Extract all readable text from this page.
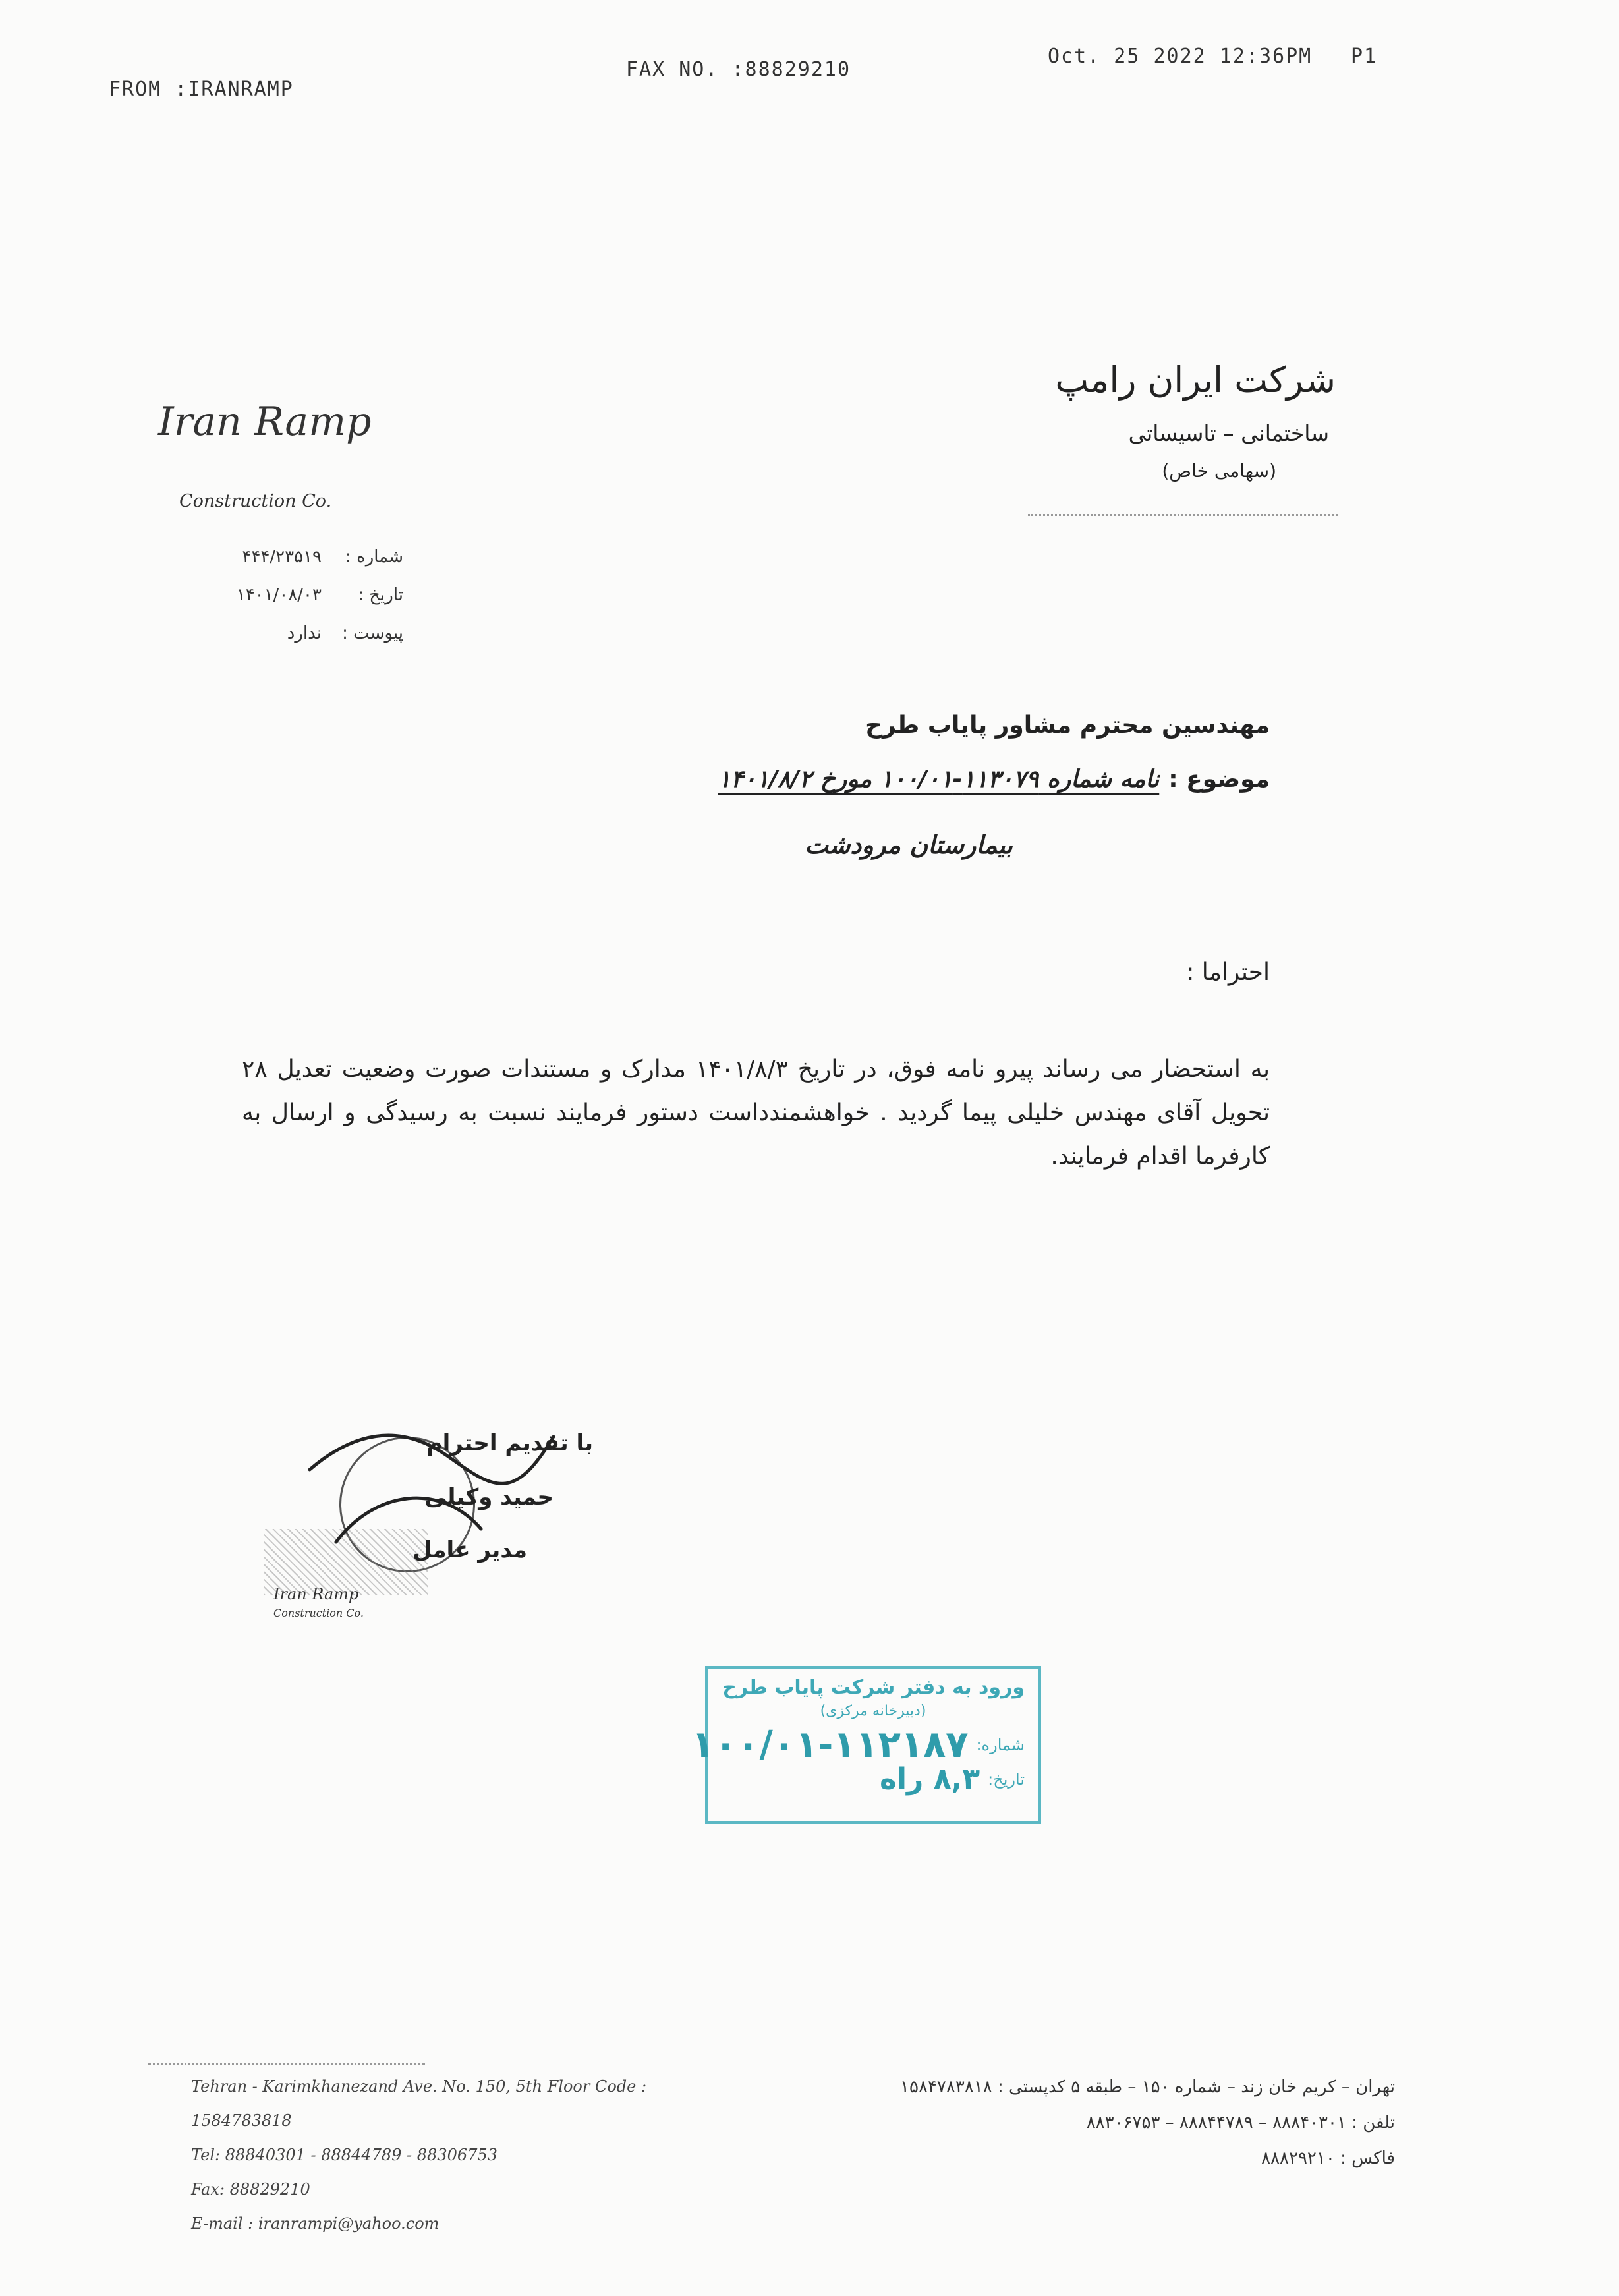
FROM :IRANRAMP
FAX NO. :88829210
Oct. 25 2022 12:36PM P1
Iran Ramp
Construction Co.
شرکت ایران رامپ
ساختمانی – تاسیساتی
(سهامی خاص)
شماره :
۴۴۴/۲۳۵۱۹
تاریخ :
۱۴۰۱/۰۸/۰۳
پیوست :
ندارد
مهندسین محترم مشاور پایاب طرح
موضوع :
نامه شماره ۱۱۳۰۷۹-۱۰۰/۰۱ مورخ ۱۴۰۱/۸/۲
بیمارستان مرودشت
احتراما :
به استحضار می رساند پیرو نامه فوق، در تاریخ ۱۴۰۱/۸/۳ مدارک و مستندات صورت وضعیت تعدیل ۲۸ تحویل آقای مهندس خلیلی پیما گردید . خواهشمندداست دستور فرمایند نسبت به رسیدگی و ارسال به کارفرما اقدام فرمایند.
با تقدیم احترام
حمید وکیلی
مدیر عامل
Iran Ramp
Construction Co.
ورود به دفتر شرکت پایاب طرح
(دبیرخانه مرکزی)
شماره:
۱۰۰/۰۱-۱۱۲۱۸۷
تاریخ:
۸,۳ راه
Tehran - Karimkhanezand Ave. No. 150, 5th Floor Code : 1584783818
Tel: 88840301 - 88844789 - 88306753
Fax: 88829210
E-mail : iranrampi@yahoo.com
تهران – کریم خان زند – شماره ۱۵۰ – طبقه ۵ کدپستی : ۱۵۸۴۷۸۳۸۱۸
تلفن : ۸۸۸۴۰۳۰۱ – ۸۸۸۴۴۷۸۹ – ۸۸۳۰۶۷۵۳
فاکس : ۸۸۸۲۹۲۱۰
